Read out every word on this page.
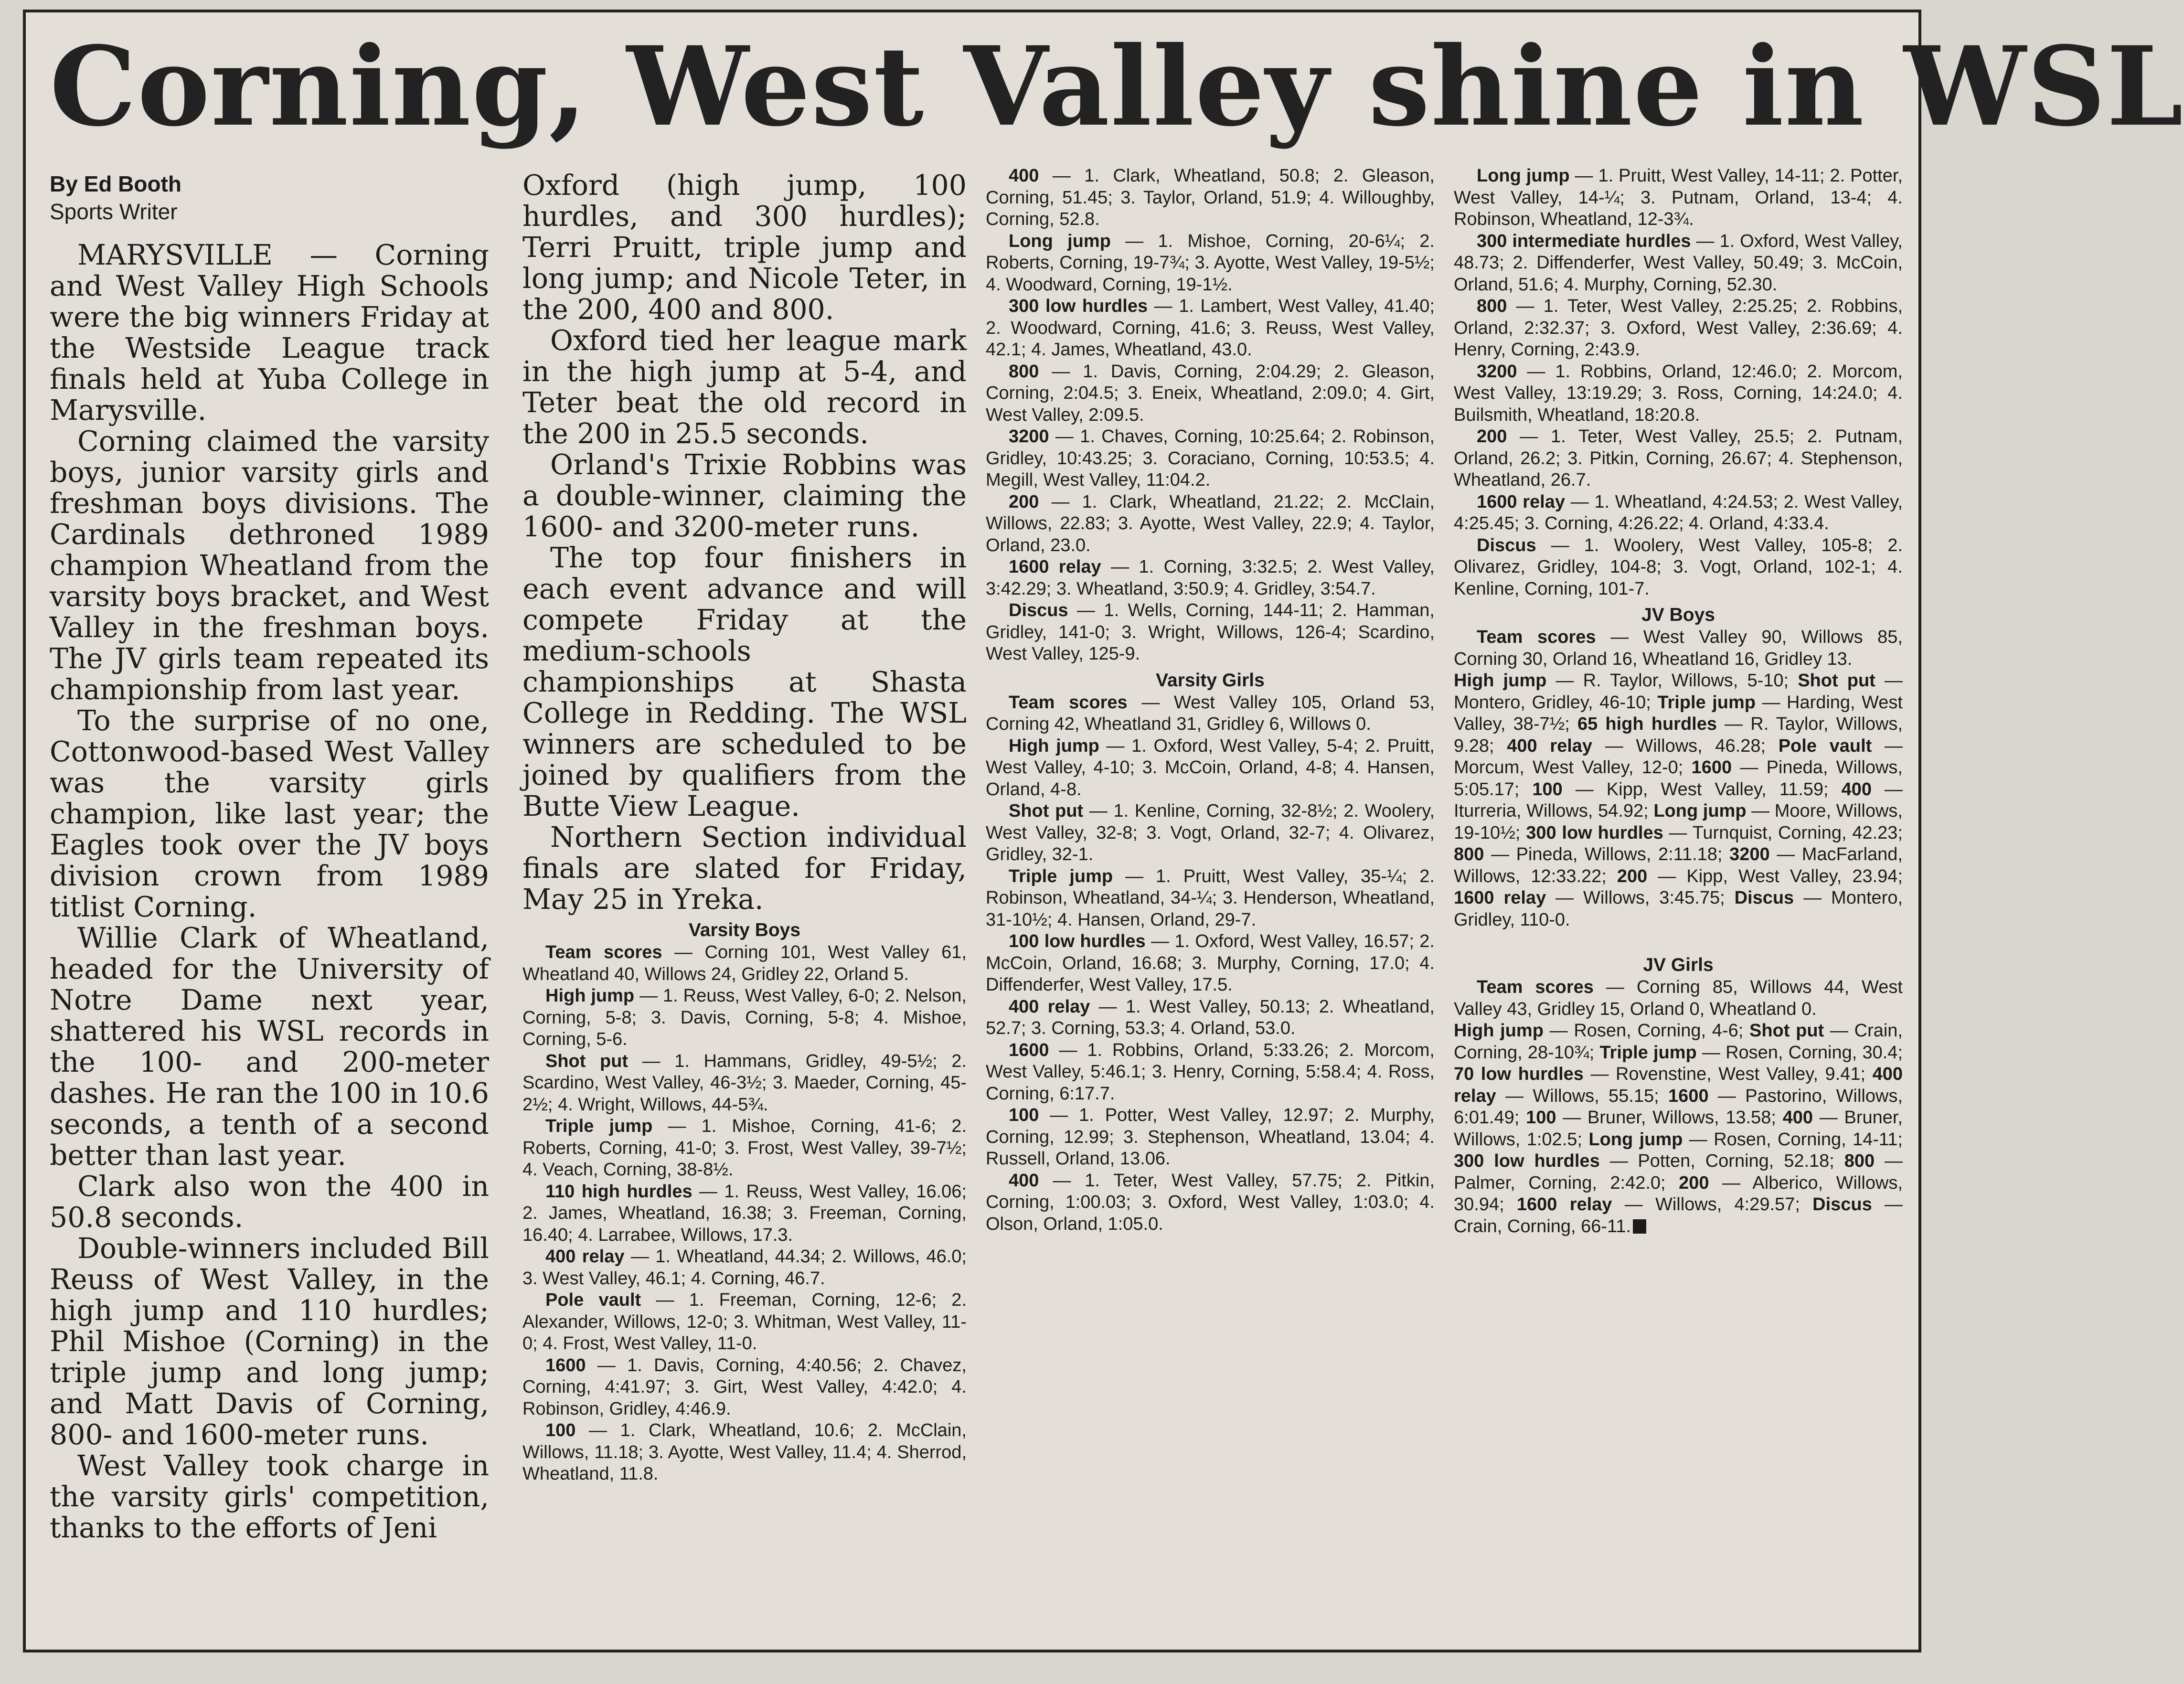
Corning, West Valley shine in WSL
By Ed Booth
Sports Writer

MARYSVILLE — Corning and West Valley High Schools were the big winners Friday at the Westside League track finals held at Yuba College in Marysville.

Corning claimed the varsity boys, junior varsity girls and freshman boys divisions. The Cardinals dethroned 1989 champion Wheatland from the varsity boys bracket, and West Valley in the freshman boys. The JV girls team repeated its championship from last year.

To the surprise of no one, Cottonwood-based West Valley was the varsity girls champion, like last year; the Eagles took over the JV boys division crown from 1989 titlist Corning.

Willie Clark of Wheatland, headed for the University of Notre Dame next year, shattered his WSL records in the 100- and 200-meter dashes. He ran the 100 in 10.6 seconds, a tenth of a second better than last year.

Clark also won the 400 in 50.8 seconds.

Double-winners included Bill Reuss of West Valley, in the high jump and 110 hurdles; Phil Mishoe (Corning) in the triple jump and long jump; and Matt Davis of Corning, 800- and 1600-meter runs.

West Valley took charge in the varsity girls' competition, thanks to the efforts of Jeni

Oxford (high jump, 100 hurdles, and 300 hurdles); Terri Pruitt, triple jump and long jump; and Nicole Teter, in the 200, 400 and 800.

Oxford tied her league mark in the high jump at 5-4, and Teter beat the old record in the 200 in 25.5 seconds.

Orland's Trixie Robbins was a double-winner, claiming the 1600- and 3200-meter runs.

The top four finishers in each event advance and will compete Friday at the medium-schools championships at Shasta College in Redding. The WSL winners are scheduled to be joined by qualifiers from the Butte View League.

Northern Section individual finals are slated for Friday, May 25 in Yreka.

Varsity Boys

Team scores — Corning 101, West Valley 61, Wheatland 40, Willows 24, Gridley 22, Orland 5.

High jump — 1. Reuss, West Valley, 6-0; 2. Nelson, Corning, 5-8; 3. Davis, Corning, 5-8; 4. Mishoe, Corning, 5-6.

Shot put — 1. Hammans, Gridley, 49-5½; 2. Scardino, West Valley, 46-3½; 3. Maeder, Corning, 45-2½; 4. Wright, Willows, 44-5¾.

Triple jump — 1. Mishoe, Corning, 41-6; 2. Roberts, Corning, 41-0; 3. Frost, West Valley, 39-7½; 4. Veach, Corning, 38-8½.

110 high hurdles — 1. Reuss, West Valley, 16.06; 2. James, Wheatland, 16.38; 3. Freeman, Corning, 16.40; 4. Larrabee, Willows, 17.3.

400 relay — 1. Wheatland, 44.34; 2. Willows, 46.0; 3. West Valley, 46.1; 4. Corning, 46.7.

Pole vault — 1. Freeman, Corning, 12-6; 2. Alexander, Willows, 12-0; 3. Whitman, West Valley, 11-0; 4. Frost, West Valley, 11-0.

1600 — 1. Davis, Corning, 4:40.56; 2. Chavez, Corning, 4:41.97; 3. Girt, West Valley, 4:42.0; 4. Robinson, Gridley, 4:46.9.

100 — 1. Clark, Wheatland, 10.6; 2. McClain, Willows, 11.18; 3. Ayotte, West Valley, 11.4; 4. Sherrod, Wheatland, 11.8.

400 — 1. Clark, Wheatland, 50.8; 2. Gleason, Corning, 51.45; 3. Taylor, Orland, 51.9; 4. Willoughby, Corning, 52.8.

Long jump — 1. Mishoe, Corning, 20-6¼; 2. Roberts, Corning, 19-7¾; 3. Ayotte, West Valley, 19-5½; 4. Woodward, Corning, 19-1½.

300 low hurdles — 1. Lambert, West Valley, 41.40; 2. Woodward, Corning, 41.6; 3. Reuss, West Valley, 42.1; 4. James, Wheatland, 43.0.

800 — 1. Davis, Corning, 2:04.29; 2. Gleason, Corning, 2:04.5; 3. Eneix, Wheatland, 2:09.0; 4. Girt, West Valley, 2:09.5.

3200 — 1. Chaves, Corning, 10:25.64; 2. Robinson, Gridley, 10:43.25; 3. Coraciano, Corning, 10:53.5; 4. Megill, West Valley, 11:04.2.

200 — 1. Clark, Wheatland, 21.22; 2. McClain, Willows, 22.83; 3. Ayotte, West Valley, 22.9; 4. Taylor, Orland, 23.0.

1600 relay — 1. Corning, 3:32.5; 2. West Valley, 3:42.29; 3. Wheatland, 3:50.9; 4. Gridley, 3:54.7.

Discus — 1. Wells, Corning, 144-11; 2. Hamman, Gridley, 141-0; 3. Wright, Willows, 126-4; Scardino, West Valley, 125-9.

Varsity Girls

Team scores — West Valley 105, Orland 53, Corning 42, Wheatland 31, Gridley 6, Willows 0.

High jump — 1. Oxford, West Valley, 5-4; 2. Pruitt, West Valley, 4-10; 3. McCoin, Orland, 4-8; 4. Hansen, Orland, 4-8.

Shot put — 1. Kenline, Corning, 32-8½; 2. Woolery, West Valley, 32-8; 3. Vogt, Orland, 32-7; 4. Olivarez, Gridley, 32-1.

Triple jump — 1. Pruitt, West Valley, 35-¼; 2. Robinson, Wheatland, 34-¼; 3. Henderson, Wheatland, 31-10½; 4. Hansen, Orland, 29-7.

100 low hurdles — 1. Oxford, West Valley, 16.57; 2. McCoin, Orland, 16.68; 3. Murphy, Corning, 17.0; 4. Diffenderfer, West Valley, 17.5.

400 relay — 1. West Valley, 50.13; 2. Wheatland, 52.7; 3. Corning, 53.3; 4. Orland, 53.0.

1600 — 1. Robbins, Orland, 5:33.26; 2. Morcom, West Valley, 5:46.1; 3. Henry, Corning, 5:58.4; 4. Ross, Corning, 6:17.7.

100 — 1. Potter, West Valley, 12.97; 2. Murphy, Corning, 12.99; 3. Stephenson, Wheatland, 13.04; 4. Russell, Orland, 13.06.

400 — 1. Teter, West Valley, 57.75; 2. Pitkin, Corning, 1:00.03; 3. Oxford, West Valley, 1:03.0; 4. Olson, Orland, 1:05.0.

Long jump — 1. Pruitt, West Valley, 14-11; 2. Potter, West Valley, 14-¼; 3. Putnam, Orland, 13-4; 4. Robinson, Wheatland, 12-3¾.

300 intermediate hurdles — 1. Oxford, West Valley, 48.73; 2. Diffenderfer, West Valley, 50.49; 3. McCoin, Orland, 51.6; 4. Murphy, Corning, 52.30.

800 — 1. Teter, West Valley, 2:25.25; 2. Robbins, Orland, 2:32.37; 3. Oxford, West Valley, 2:36.69; 4. Henry, Corning, 2:43.9.

3200 — 1. Robbins, Orland, 12:46.0; 2. Morcom, West Valley, 13:19.29; 3. Ross, Corning, 14:24.0; 4. Builsmith, Wheatland, 18:20.8.

200 — 1. Teter, West Valley, 25.5; 2. Putnam, Orland, 26.2; 3. Pitkin, Corning, 26.67; 4. Stephenson, Wheatland, 26.7.

1600 relay — 1. Wheatland, 4:24.53; 2. West Valley, 4:25.45; 3. Corning, 4:26.22; 4. Orland, 4:33.4.

Discus — 1. Woolery, West Valley, 105-8; 2. Olivarez, Gridley, 104-8; 3. Vogt, Orland, 102-1; 4. Kenline, Corning, 101-7.

JV Boys

Team scores — West Valley 90, Willows 85, Corning 30, Orland 16, Wheatland 16, Gridley 13.

High jump — R. Taylor, Willows, 5-10; Shot put — Montero, Gridley, 46-10; Triple jump — Harding, West Valley, 38-7½; 65 high hurdles — R. Taylor, Willows, 9.28; 400 relay — Willows, 46.28; Pole vault — Morcum, West Valley, 12-0; 1600 — Pineda, Willows, 5:05.17; 100 — Kipp, West Valley, 11.59; 400 — Iturreria, Willows, 54.92; Long jump — Moore, Willows, 19-10½; 300 low hurdles — Turnquist, Corning, 42.23; 800 — Pineda, Willows, 2:11.18; 3200 — MacFarland, Willows, 12:33.22; 200 — Kipp, West Valley, 23.94; 1600 relay — Willows, 3:45.75; Discus — Montero, Gridley, 110-0.

JV Girls

Team scores — Corning 85, Willows 44, West Valley 43, Gridley 15, Orland 0, Wheatland 0.

High jump — Rosen, Corning, 4-6; Shot put — Crain, Corning, 28-10¾; Triple jump — Rosen, Corning, 30.4; 70 low hurdles — Rovenstine, West Valley, 9.41; 400 relay — Willows, 55.15; 1600 — Pastorino, Willows, 6:01.49; 100 — Bruner, Willows, 13.58; 400 — Bruner, Willows, 1:02.5; Long jump — Rosen, Corning, 14-11; 300 low hurdles — Potten, Corning, 52.18; 800 — Palmer, Corning, 2:42.0; 200 — Alberico, Willows, 30.94; 1600 relay — Willows, 4:29.57; Discus — Crain, Corning, 66-11.
